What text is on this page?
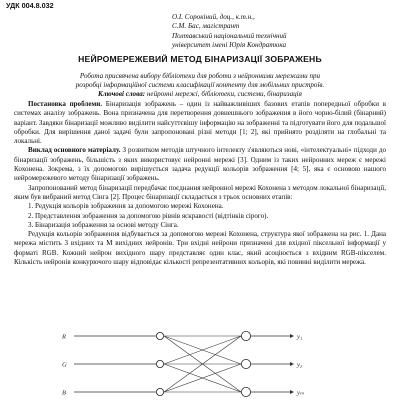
УДК 004.8.032
О.І. Сорокіний, доц., к.т.н.,
С.М. Бас, магістрант
Полтавський національний технічний
університет імені Юрія Кондратюка
НЕЙРОМЕРЕЖЕВИЙ МЕТОД БІНАРИЗАЦІЇ ЗОБРАЖЕНЬ
Робота присвячена вибору бібліотеки для роботи з нейронними мережами при
розробці інформаційної системи класифікації контенту для мобільних пристроїв.
Ключові слова: нейронні мережі, бібліотеки, системи, бінаризація

Постановка проблеми. Бінаризація зображень – один із найважливіших базових етапів попередньої обробки в системах аналізу зображень. Вона призначена для перетворення довнешнього зображення в його чорно-білий (бінарний) варіант. Завдяки бінаризації можливо виділити найсуттєвішу інформацію на зображенні та підготувати його для подальшої обробки. Для вирішення даної задачі були запропоновані різні методи [1; 2], які прийнято розділяти на глобальні та локальні.

Виклад основного матеріалу. З розвитком методів штучного інтелекту з'являються нові, «інтелектуальні» підходи до бінаризації зображень, більшість з яких використовує нейронні мережі [3]. Одним із таких нейронних мереж є мережі Кохонена. Зокрема, з їх допомогою вирішується задача редукції кольорів зображення [4; 5], яка є основою нашого нейромережевого методу бінаризації зображень.

Запропонований метод бінаризації передбачає поєднання нейронної мережі Кохонена з методом локальної бінаризації, яким був вибраний метод Сінга [2]. Процес бінаризації складається з трьох основних етапів:

1. Редукція кольорів зображення за допомогою мережі Кохонена.
2. Представлення зображення за допомогою рівнів яскравості (відтінків сірого).
3. Бінаризація зображення за основі методу Сінга.

Редукція кольорів зображення відбувається за допомогою мережі Кохонена, структура якої зображена на рис. 1. Дана мережа містить 3 вхідних та M вихідних нейронів. Три вхідні нейрони призначені для вхідної піксельної інформації у форматі RGB. Кожний нейрон вихідного шару представляє один клас, який асоціюється з вхідним RGB-пікселем. Кількість нейронів конкурючого шару відповідає кількості репрезентативних кольорів, які повинні виділити мережа.

R
G
B
y₁
y₂
yₘ
